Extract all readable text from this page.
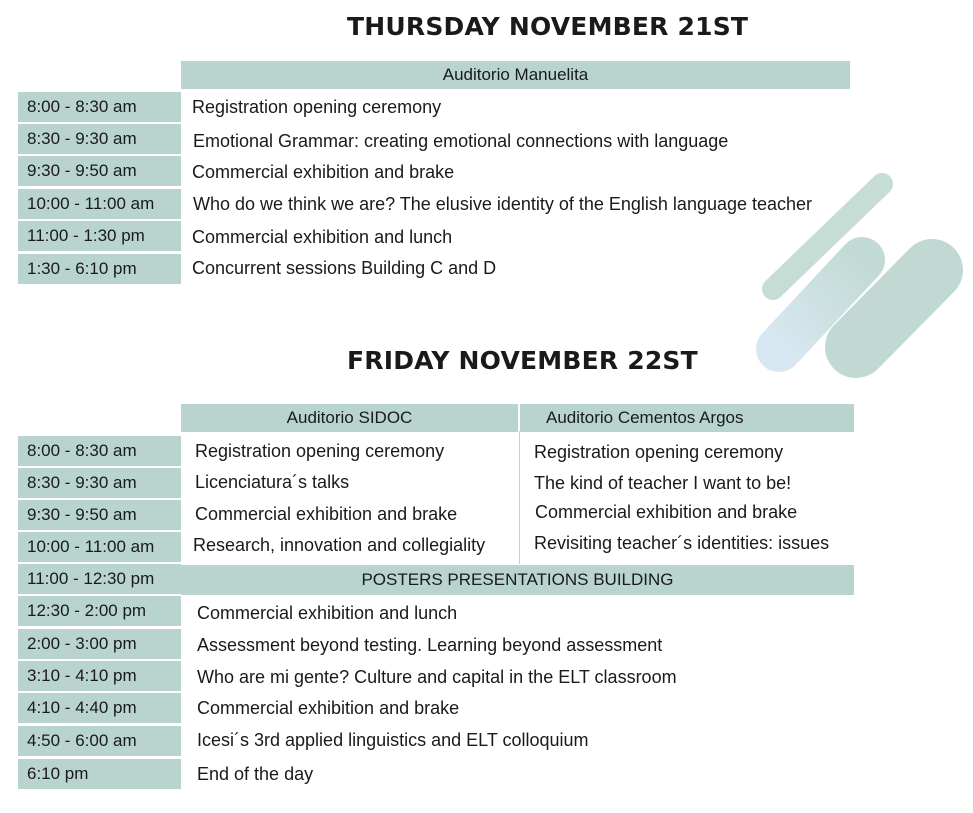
THURSDAY NOVEMBER 21ST
Auditorio Manuelita
8:00 - 8:30 am	Registration opening ceremony
8:30 - 9:30 am	Emotional Grammar: creating emotional connections with language
9:30 - 9:50 am	Commercial exhibition and brake
10:00 - 11:00 am	Who do we think we are? The elusive identity of the English language teacher
11:00 - 1:30 pm	Commercial exhibition and lunch
1:30 - 6:10 pm	Concurrent sessions Building C and D
FRIDAY NOVEMBER 22ST
Auditorio SIDOC	Auditorio Cementos Argos
8:00 - 8:30 am	Registration opening ceremony	Registration opening ceremony
8:30 - 9:30 am	Licenciatura´s talks	The kind of teacher I want to be!
9:30 - 9:50 am	Commercial exhibition and brake	Commercial exhibition and brake
10:00 - 11:00 am	Research, innovation and collegiality	Revisiting teacher´s identities: issues
11:00 - 12:30 pm	POSTERS PRESENTATIONS BUILDING
12:30 - 2:00 pm	Commercial exhibition and lunch
2:00 - 3:00 pm	Assessment beyond testing. Learning beyond assessment
3:10 - 4:10 pm	Who are mi gente? Culture and capital in the ELT classroom
4:10 - 4:40 pm	Commercial exhibition and brake
4:50 - 6:00 am	Icesi´s 3rd applied linguistics and ELT colloquium
6:10 pm	End of the day
